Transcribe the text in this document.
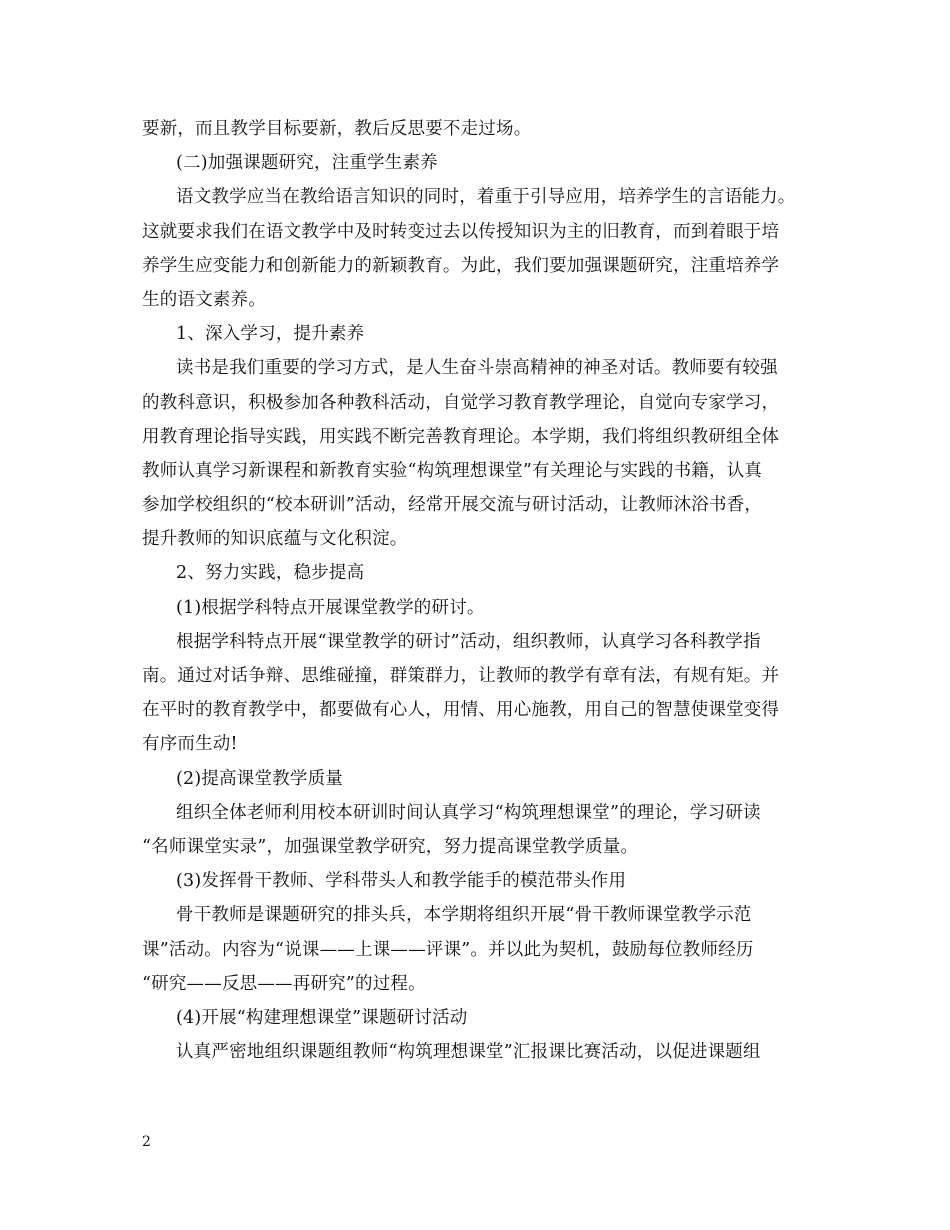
要新，而且教学目标要新，教后反思要不走过场。
(二)加强课题研究，注重学生素养
语文教学应当在教给语言知识的同时，着重于引导应用，培养学生的言语能力。
这就要求我们在语文教学中及时转变过去以传授知识为主的旧教育，而到着眼于培
养学生应变能力和创新能力的新颖教育。为此，我们要加强课题研究，注重培养学
生的语文素养。
1、深入学习，提升素养
读书是我们重要的学习方式，是人生奋斗崇高精神的神圣对话。教师要有较强
的教科意识，积极参加各种教科活动，自觉学习教育教学理论，自觉向专家学习，
用教育理论指导实践，用实践不断完善教育理论。本学期，我们将组织教研组全体
教师认真学习新课程和新教育实验“构筑理想课堂”有关理论与实践的书籍，认真
参加学校组织的“校本研训”活动，经常开展交流与研讨活动，让教师沐浴书香，
提升教师的知识底蕴与文化积淀。
2、努力实践，稳步提高
(1)根据学科特点开展课堂教学的研讨。
根据学科特点开展“课堂教学的研讨”活动，组织教师，认真学习各科教学指
南。通过对话争辩、思维碰撞，群策群力，让教师的教学有章有法，有规有矩。并
在平时的教育教学中，都要做有心人，用情、用心施教，用自己的智慧使课堂变得
有序而生动!
(2)提高课堂教学质量
组织全体老师利用校本研训时间认真学习“构筑理想课堂”的理论，学习研读
“名师课堂实录”，加强课堂教学研究，努力提高课堂教学质量。
(3)发挥骨干教师、学科带头人和教学能手的模范带头作用
骨干教师是课题研究的排头兵，本学期将组织开展“骨干教师课堂教学示范
课”活动。内容为“说课——上课——评课”。并以此为契机，鼓励每位教师经历
“研究——反思——再研究”的过程。
(4)开展“构建理想课堂”课题研讨活动
认真严密地组织课题组教师“构筑理想课堂”汇报课比赛活动，以促进课题组
2
